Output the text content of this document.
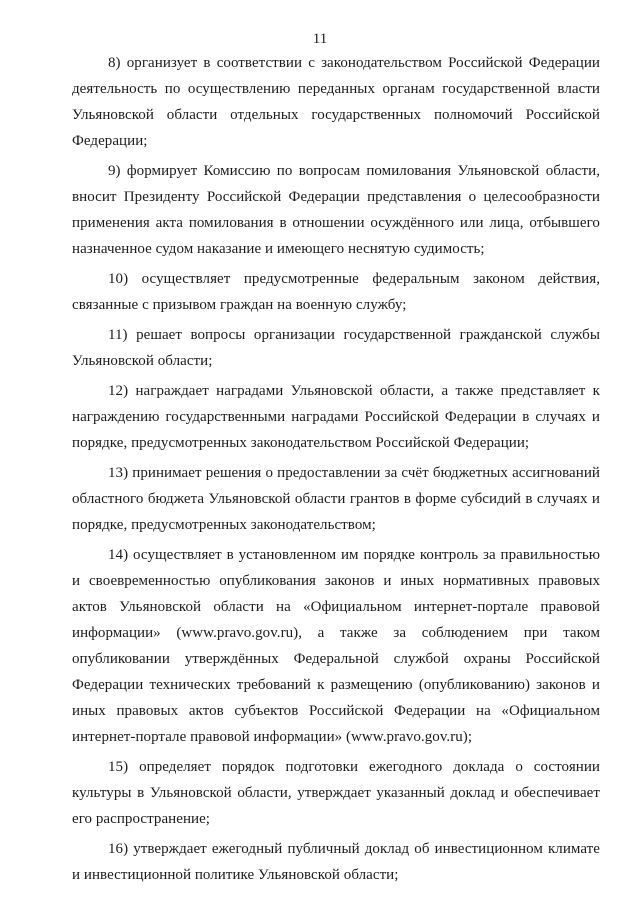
11

8) организует в соответствии с законодательством Российской Федерации деятельность по осуществлению переданных органам государственной власти Ульяновской области отдельных государственных полномочий Российской Федерации;

9) формирует Комиссию по вопросам помилования Ульяновской области, вносит Президенту Российской Федерации представления о целесообразности применения акта помилования в отношении осуждённого или лица, отбывшего назначенное судом наказание и имеющего неснятую судимость;

10) осуществляет предусмотренные федеральным законом действия, связанные с призывом граждан на военную службу;

11) решает вопросы организации государственной гражданской службы Ульяновской области;

12) награждает наградами Ульяновской области, а также представляет к награждению государственными наградами Российской Федерации в случаях и порядке, предусмотренных законодательством Российской Федерации;

13) принимает решения о предоставлении за счёт бюджетных ассигнований областного бюджета Ульяновской области грантов в форме субсидий в случаях и порядке, предусмотренных законодательством;

14) осуществляет в установленном им порядке контроль за правильностью и своевременностью опубликования законов и иных нормативных правовых актов Ульяновской области на «Официальном интернет-портале правовой информации» (www.pravo.gov.ru), а также за соблюдением при таком опубликовании утверждённых Федеральной службой охраны Российской Федерации технических требований к размещению (опубликованию) законов и иных правовых актов субъектов Российской Федерации на «Официальном интернет-портале правовой информации» (www.pravo.gov.ru);

15) определяет порядок подготовки ежегодного доклада о состоянии культуры в Ульяновской области, утверждает указанный доклад и обеспечивает его распространение;

16) утверждает ежегодный публичный доклад об инвестиционном климате и инвестиционной политике Ульяновской области;
